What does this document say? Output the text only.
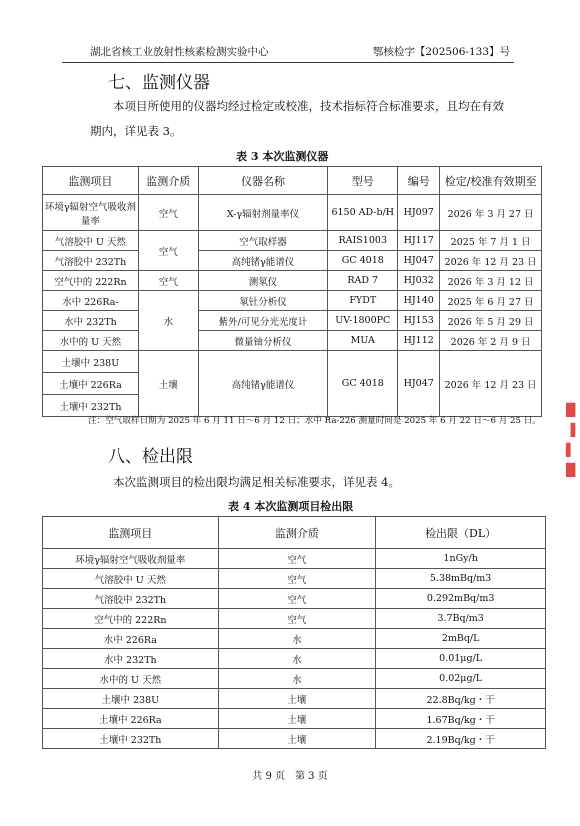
湖北省核工业放射性核素检测实验中心	鄂核检字【202506-133】号
七、监测仪器
本项目所使用的仪器均经过检定或校准，技术指标符合标准要求，且均在有效期内，详见表 3。
表 3 本次监测仪器
监测项目	监测介质	仪器名称	型号	编号	检定/校准有效期至
环境γ辐射空气吸收剂量率	空气	X-γ辐射剂量率仪	6150 AD-b/H	HJ097	2026 年 3 月 27 日
气溶胶中 U 天然	空气	空气取样器	RAIS1003	HJ117	2025 年 7 月 1 日
气溶胶中 232Th		高纯锗γ能谱仪	GC 4018	HJ047	2026 年 12 月 23 日
空气中的 222Rn	空气	测氡仪	RAD 7	HJ032	2026 年 3 月 12 日
水中 226Ra-	水	氡钍分析仪	FYDT	HJ140	2025 年 6 月 27 日
水中 232Th		紫外/可见分光光度计	UV-1800PC	HJ153	2026 年 5 月 29 日
水中的 U 天然		微量铀分析仪	MUA	HJ112	2026 年 2 月 9 日
土壤中 238U	土壤	高纯锗γ能谱仪	GC 4018	HJ047	2026 年 12 月 23 日
土壤中 226Ra					
土壤中 232Th					
注：空气取样日期为 2025 年 6 月 11 日～6 月 12 日；水中 Ra-226 测量时间是 2025 年 6 月 22 日～6 月 25 日。
八、检出限
本次监测项目的检出限均满足相关标准要求，详见表 4。
表 4 本次监测项目检出限
监测项目	监测介质	检出限（DL）
环境γ辐射空气吸收剂量率	空气	1nGy/h
气溶胶中 U 天然	空气	5.38mBq/m3
气溶胶中 232Th	空气	0.292mBq/m3
空气中的 222Rn	空气	3.7Bq/m3
水中 226Ra	水	2mBq/L
水中 232Th	水	0.01μg/L
水中的 U 天然	水	0.02μg/L
土壤中 238U	土壤	22.8Bq/kg・干
土壤中 226Ra	土壤	1.67Bq/kg・干
土壤中 232Th	土壤	2.19Bq/kg・干
共 9 页　第 3 页
█
▐
▌
█
